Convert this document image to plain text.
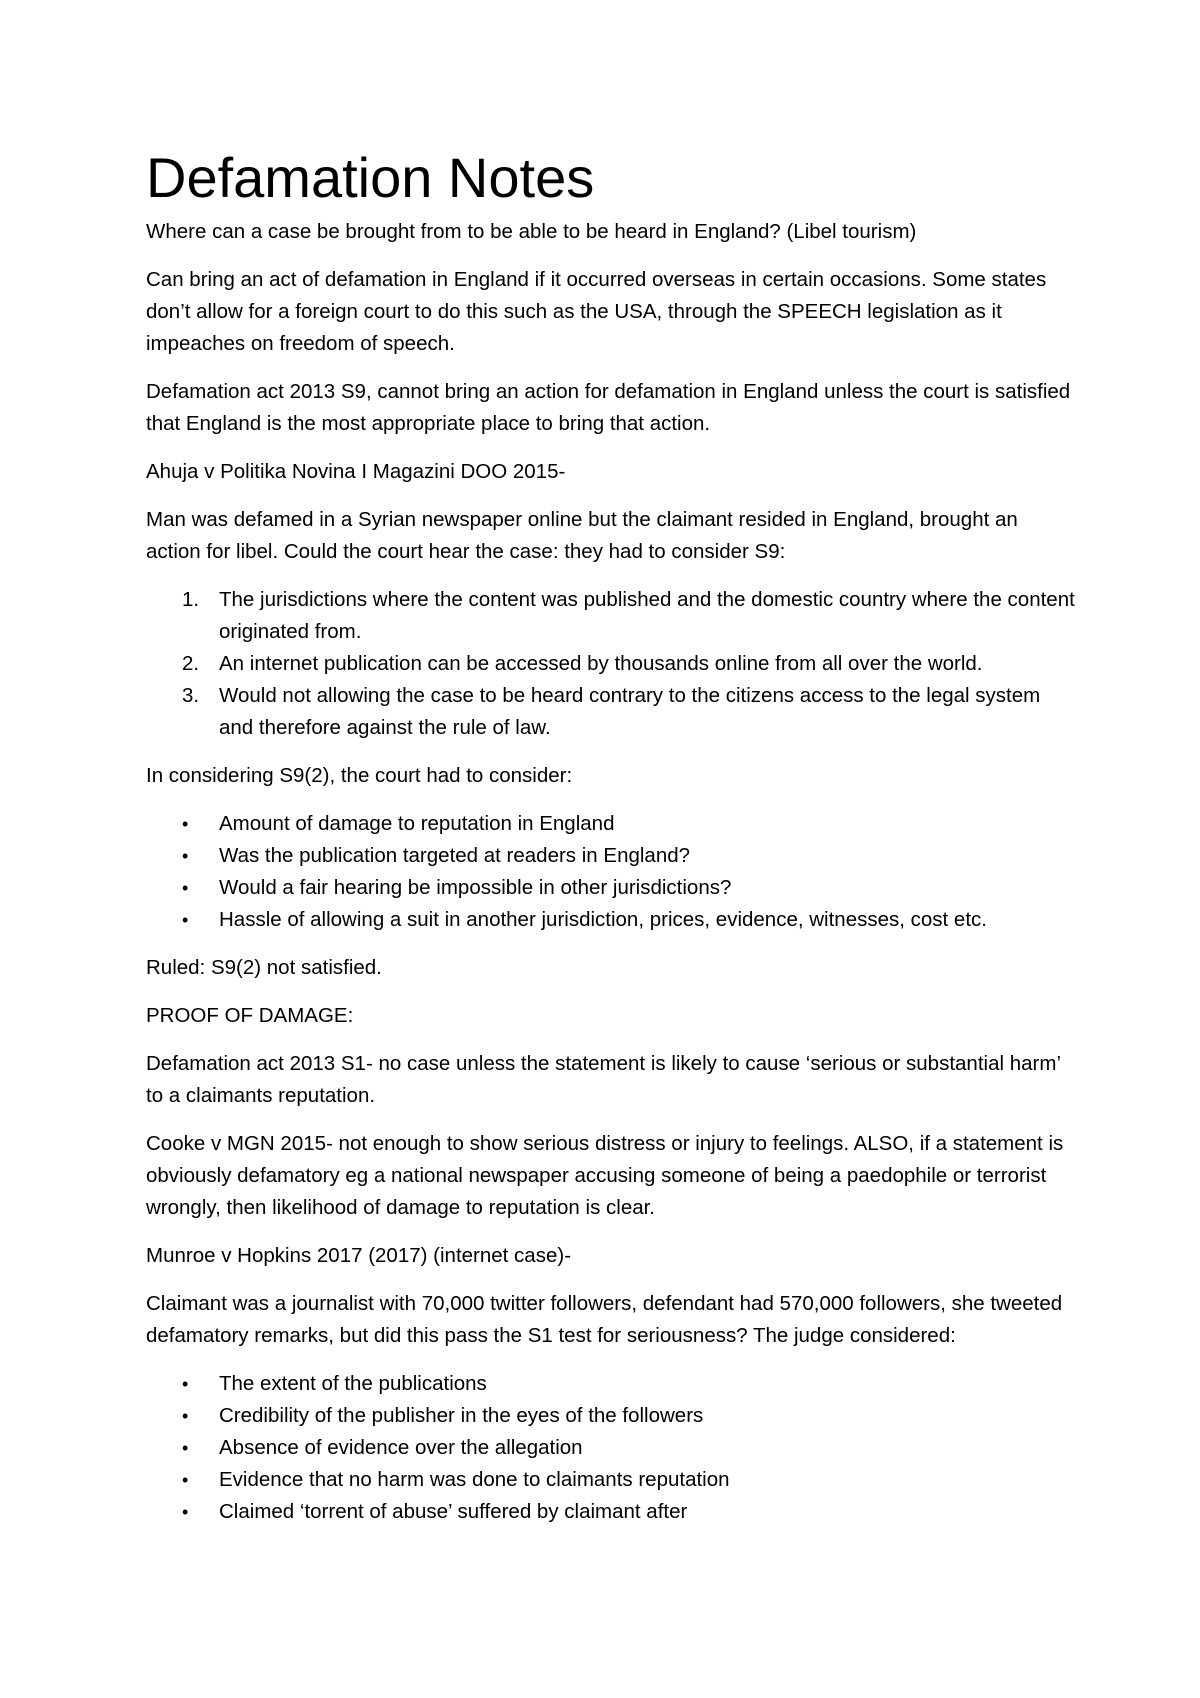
Defamation Notes
Where can a case be brought from to be able to be heard in England? (Libel tourism)
Can bring an act of defamation in England if it occurred overseas in certain occasions. Some states don’t allow for a foreign court to do this such as the USA, through the SPEECH legislation as it impeaches on freedom of speech.
Defamation act 2013 S9, cannot bring an action for defamation in England unless the court is satisfied that England is the most appropriate place to bring that action.
Ahuja v Politika Novina I Magazini DOO 2015-
Man was defamed in a Syrian newspaper online but the claimant resided in England, brought an action for libel. Could the court hear the case: they had to consider S9:
1. The jurisdictions where the content was published and the domestic country where the content originated from.
2. An internet publication can be accessed by thousands online from all over the world.
3. Would not allowing the case to be heard contrary to the citizens access to the legal system and therefore against the rule of law.
In considering S9(2), the court had to consider:
•	Amount of damage to reputation in England
•	Was the publication targeted at readers in England?
•	Would a fair hearing be impossible in other jurisdictions?
•	Hassle of allowing a suit in another jurisdiction, prices, evidence, witnesses, cost etc.
Ruled: S9(2) not satisfied.
PROOF OF DAMAGE:
Defamation act 2013 S1- no case unless the statement is likely to cause ‘serious or substantial harm’ to a claimants reputation.
Cooke v MGN 2015- not enough to show serious distress or injury to feelings. ALSO, if a statement is obviously defamatory eg a national newspaper accusing someone of being a paedophile or terrorist wrongly, then likelihood of damage to reputation is clear.
Munroe v Hopkins 2017 (2017) (internet case)-
Claimant was a journalist with 70,000 twitter followers, defendant had 570,000 followers, she tweeted defamatory remarks, but did this pass the S1 test for seriousness? The judge considered:
•	The extent of the publications
•	Credibility of the publisher in the eyes of the followers
•	Absence of evidence over the allegation
•	Evidence that no harm was done to claimants reputation
•	Claimed ‘torrent of abuse’ suffered by claimant after
